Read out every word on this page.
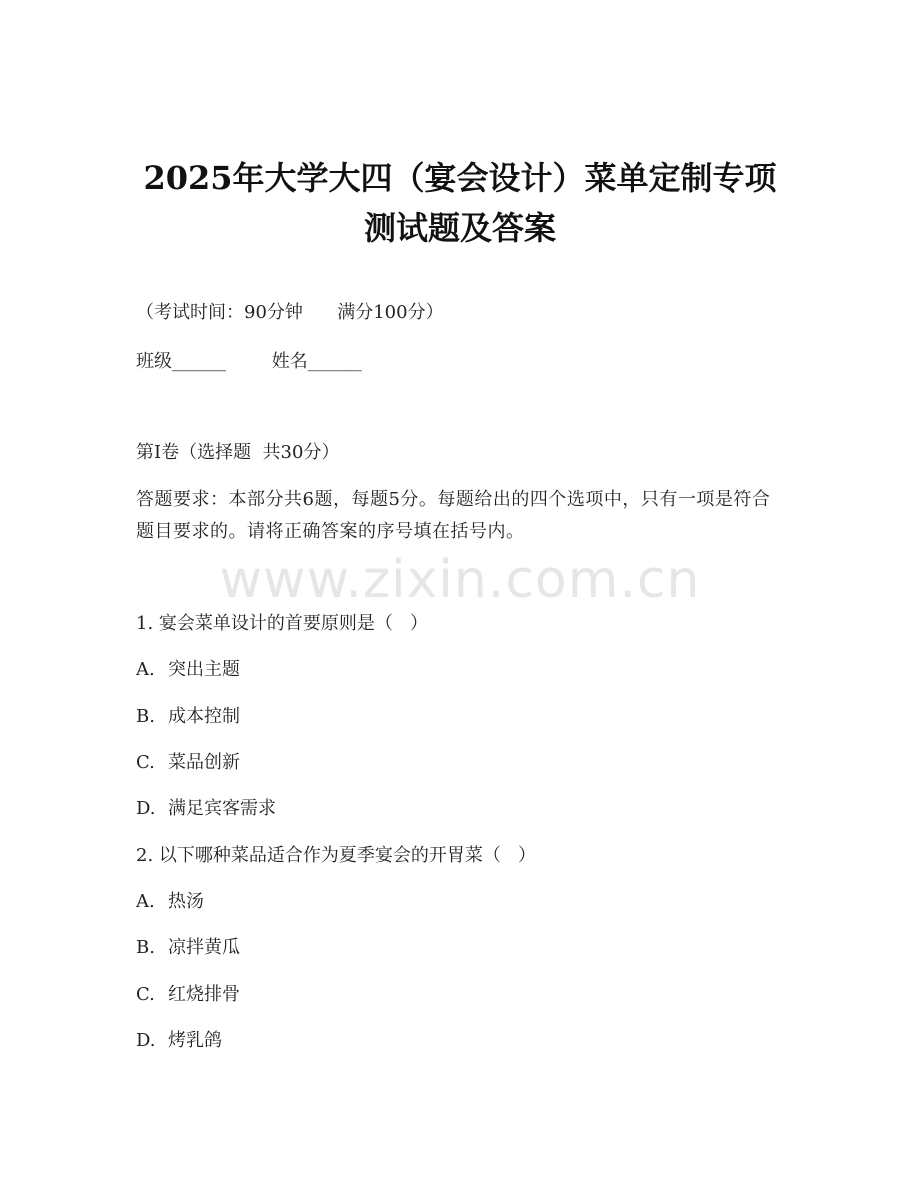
2025年大学大四（宴会设计）菜单定制专项
测试题及答案
（考试时间：90分钟      满分100分）
班级______        姓名______
第I卷（选择题  共30分）
答题要求：本部分共6题，每题5分。每题给出的四个选项中，只有一项是符合题目要求的。请将正确答案的序号填在括号内。
www.zixin.com.cn
1. 宴会菜单设计的首要原则是（   ）
A. 突出主题
B. 成本控制
C. 菜品创新
D. 满足宾客需求
2. 以下哪种菜品适合作为夏季宴会的开胃菜（   ）
A. 热汤
B. 凉拌黄瓜
C. 红烧排骨
D. 烤乳鸽
